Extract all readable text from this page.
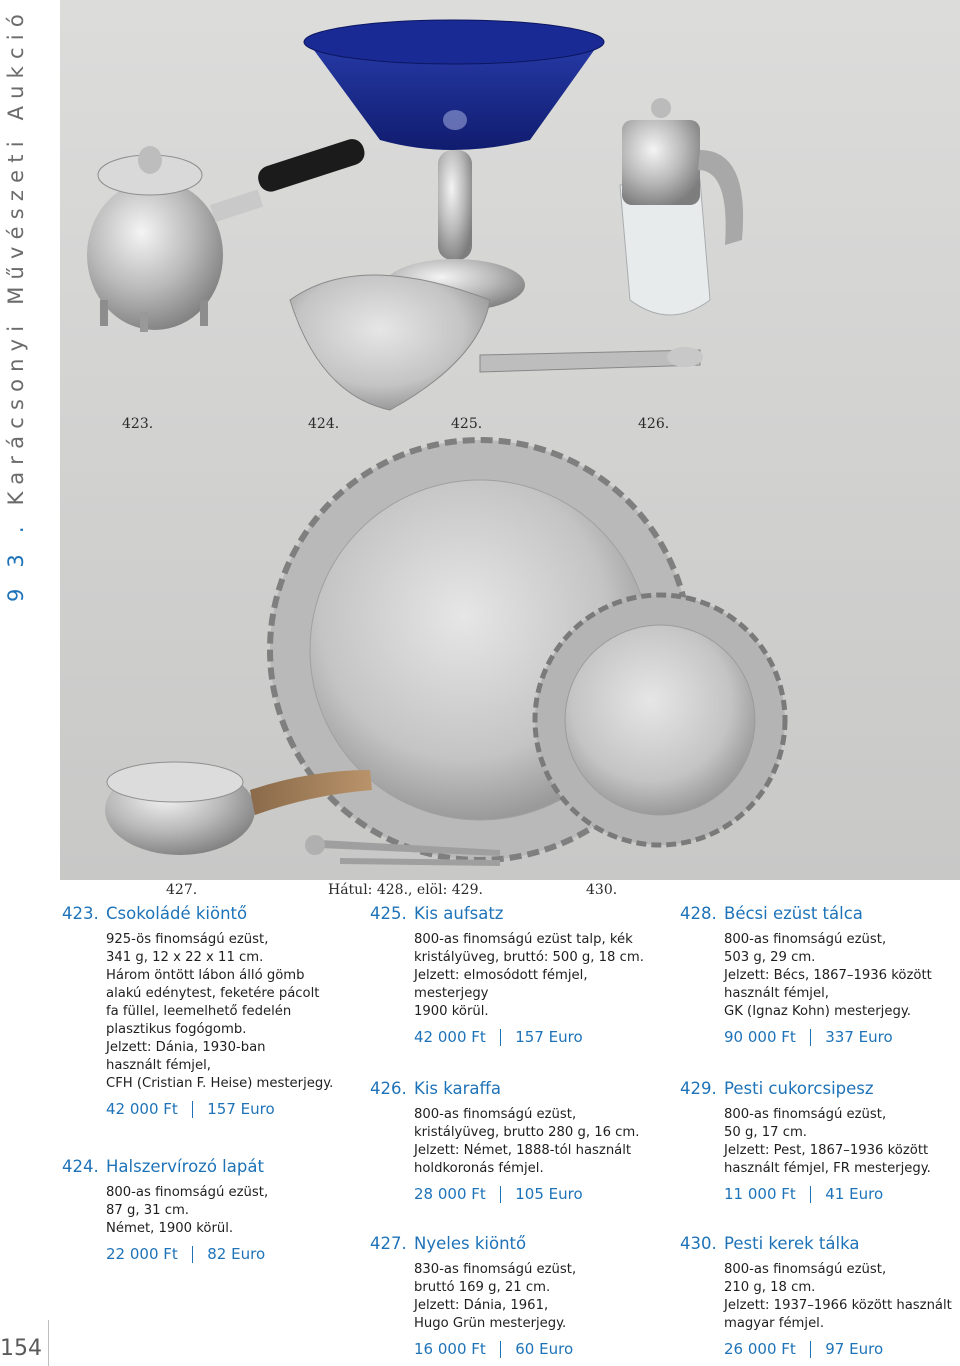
9 3 . Karácsonyi Művészeti Aukció
154
423.	424.	425.	426.
427.	Hátul: 428., elöl: 429.	430.
423. Csokoládé kiöntő
925-ös finomságú ezüst,
341 g, 12 x 22 x 11 cm.
Három öntött lábon álló gömb
alakú edénytest, feketére pácolt
fa füllel, leemelhető fedelén
plasztikus fogógomb.
Jelzett: Dánia, 1930-ban
használt fémjel,
CFH (Cristian F. Heise) mesterjegy.
42 000 Ft 157 Euro
424. Halszervírozó lapát
800-as finomságú ezüst,
87 g, 31 cm.
Német, 1900 körül.
22 000 Ft 82 Euro
425. Kis aufsatz
800-as finomságú ezüst talp, kék
kristályüveg, bruttó: 500 g, 18 cm.
Jelzett: elmosódott fémjel,
mesterjegy
1900 körül.
42 000 Ft 157 Euro
426. Kis karaffa
800-as finomságú ezüst,
kristályüveg, brutto 280 g, 16 cm.
Jelzett: Német, 1888-tól használt
holdkoronás fémjel.
28 000 Ft 105 Euro
427. Nyeles kiöntő
830-as finomságú ezüst,
bruttó 169 g, 21 cm.
Jelzett: Dánia, 1961,
Hugo Grün mesterjegy.
16 000 Ft 60 Euro
428. Bécsi ezüst tálca
800-as finomságú ezüst,
503 g, 29 cm.
Jelzett: Bécs, 1867–1936 között
használt fémjel,
GK (Ignaz Kohn) mesterjegy.
90 000 Ft 337 Euro
429. Pesti cukorcsipesz
800-as finomságú ezüst,
50 g, 17 cm.
Jelzett: Pest, 1867–1936 között
használt fémjel, FR mesterjegy.
11 000 Ft 41 Euro
430. Pesti kerek tálka
800-as finomságú ezüst,
210 g, 18 cm.
Jelzett: 1937–1966 között használt
magyar fémjel.
26 000 Ft 97 Euro
